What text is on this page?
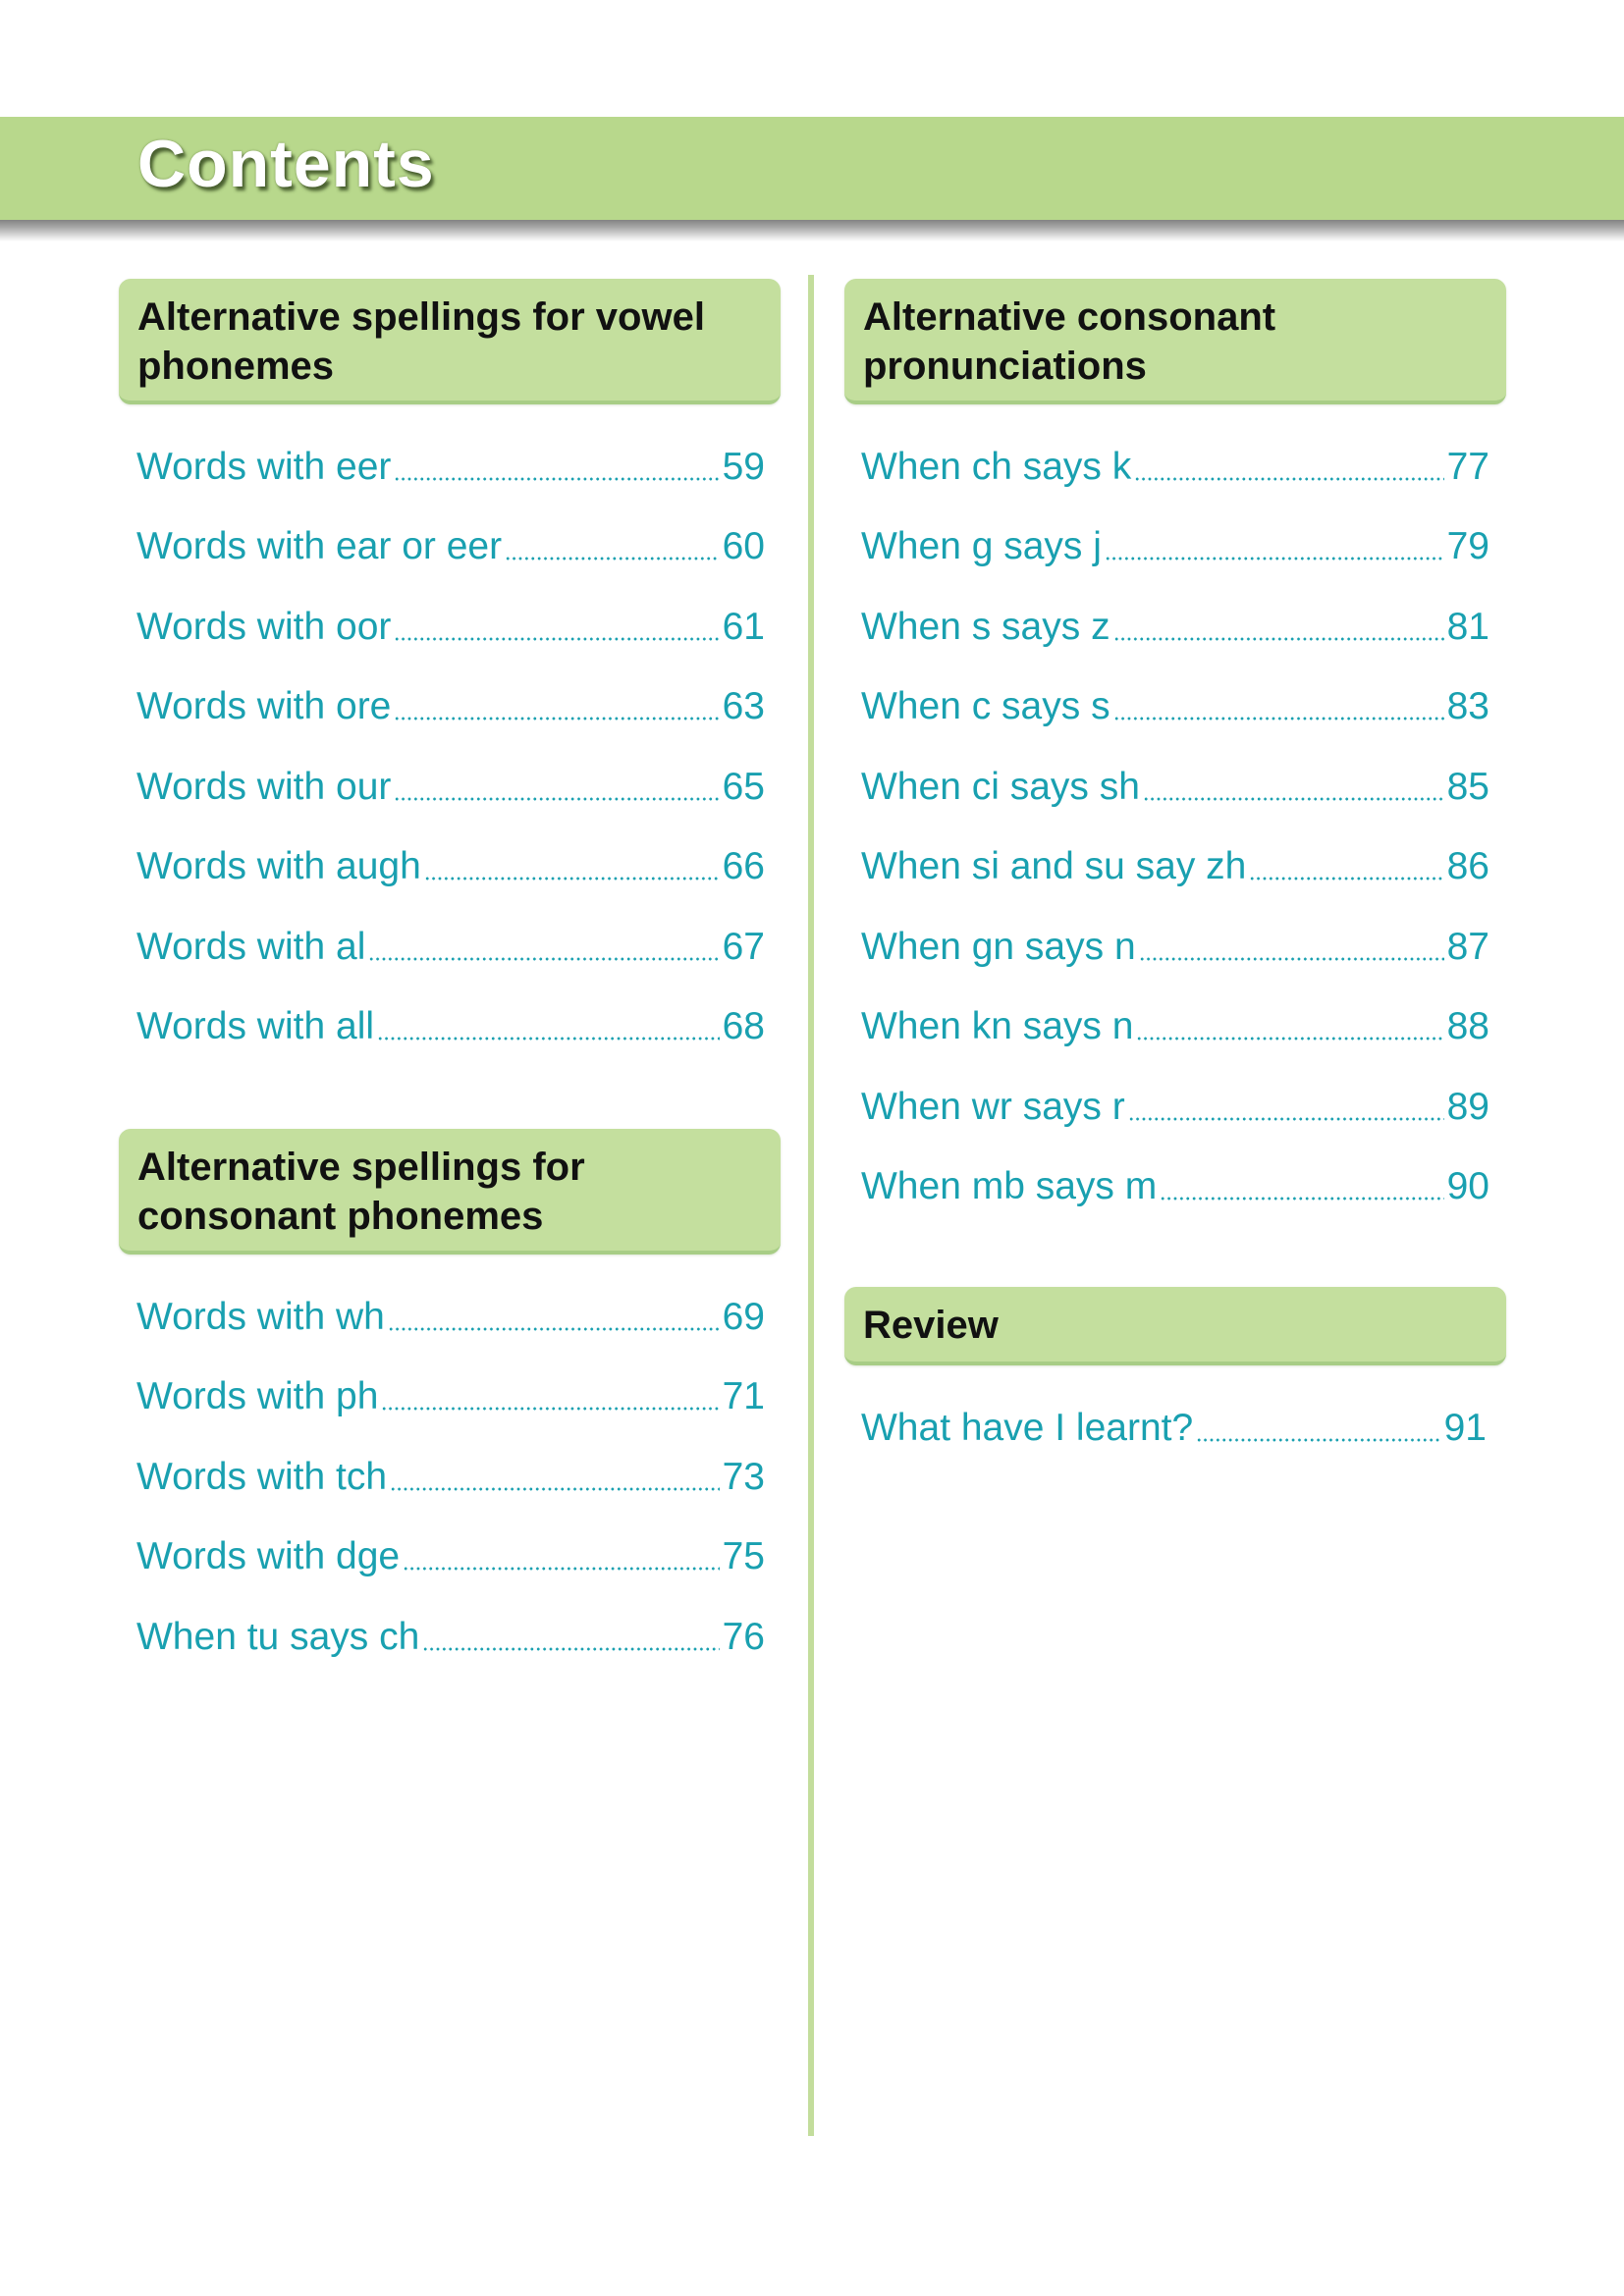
Contents
Alternative spellings for vowel phonemes
Words with eer	59
Words with ear or eer	60
Words with oor	61
Words with ore	63
Words with our	65
Words with augh	66
Words with al	67
Words with all	68
Alternative spellings for consonant phonemes
Words with wh	69
Words with ph	71
Words with tch	73
Words with dge	75
When tu says ch	76
Alternative consonant pronunciations
When ch says k	77
When g says j	79
When s says z	81
When c says s	83
When ci says sh	85
When si and su say zh	86
When gn says n	87
When kn says n	88
When wr says r	89
When mb says m	90
Review
What have I learnt?	91
